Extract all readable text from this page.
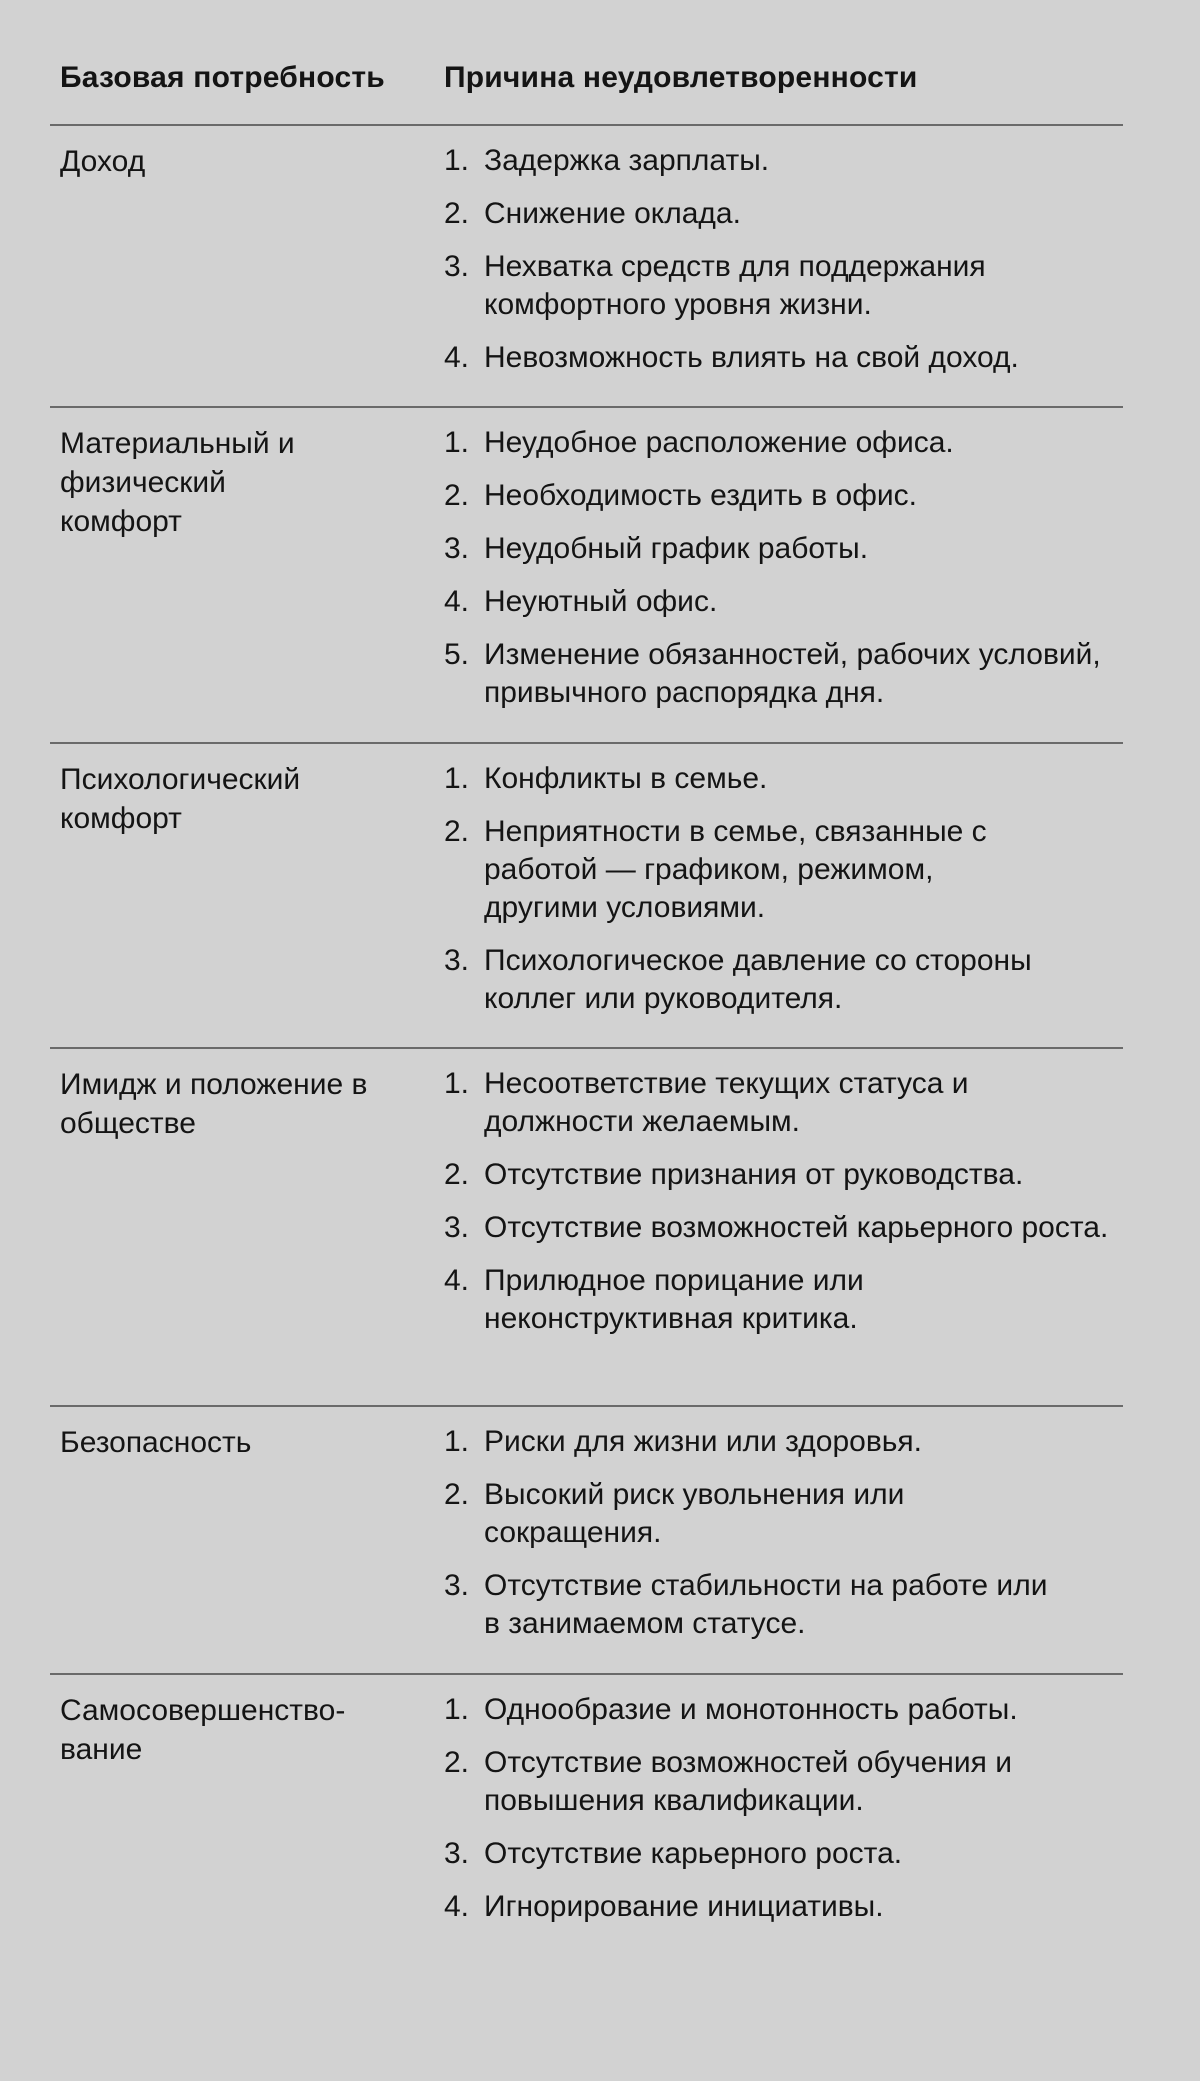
Базовая потребность Причина неудовлетворенности
Доход	1. Задержка зарплаты.
2. Снижение оклада.
3. Нехватка средств для поддержания комфортного уровня жизни.
4. Невозможность влиять на свой доход.
Материальный и физический комфорт
1. Неудобное расположение офиса.
2. Необходимость ездить в офис.
3. Неудобный график работы.
4. Неуютный офис.
5. Изменение обязанностей, рабочих условий, привычного распорядка дня.
Психологический комфорт
1. Конфликты в семье.
2. Неприятности в семье, связанные с работой — графиком, режимом, другими условиями.
3. Психологическое давление со стороны коллег или руководителя.
Имидж и положение в обществе
1. Несоответствие текущих статуса и должности желаемым.
2. Отсутствие признания от руководства.
3. Отсутствие возможностей карьерного роста.
4. Прилюдное порицание или неконструктивная критика.
Безопасность	1. Риски для жизни или здоровья.
2. Высокий риск увольнения или сокращения.
3. Отсутствие стабильности на работе или в занимаемом статусе.
Самосовершенство-вание
1. Однообразие и монотонность работы.
2. Отсутствие возможностей обучения и повышения квалификации.
3. Отсутствие карьерного роста.
4. Игнорирование инициативы.
